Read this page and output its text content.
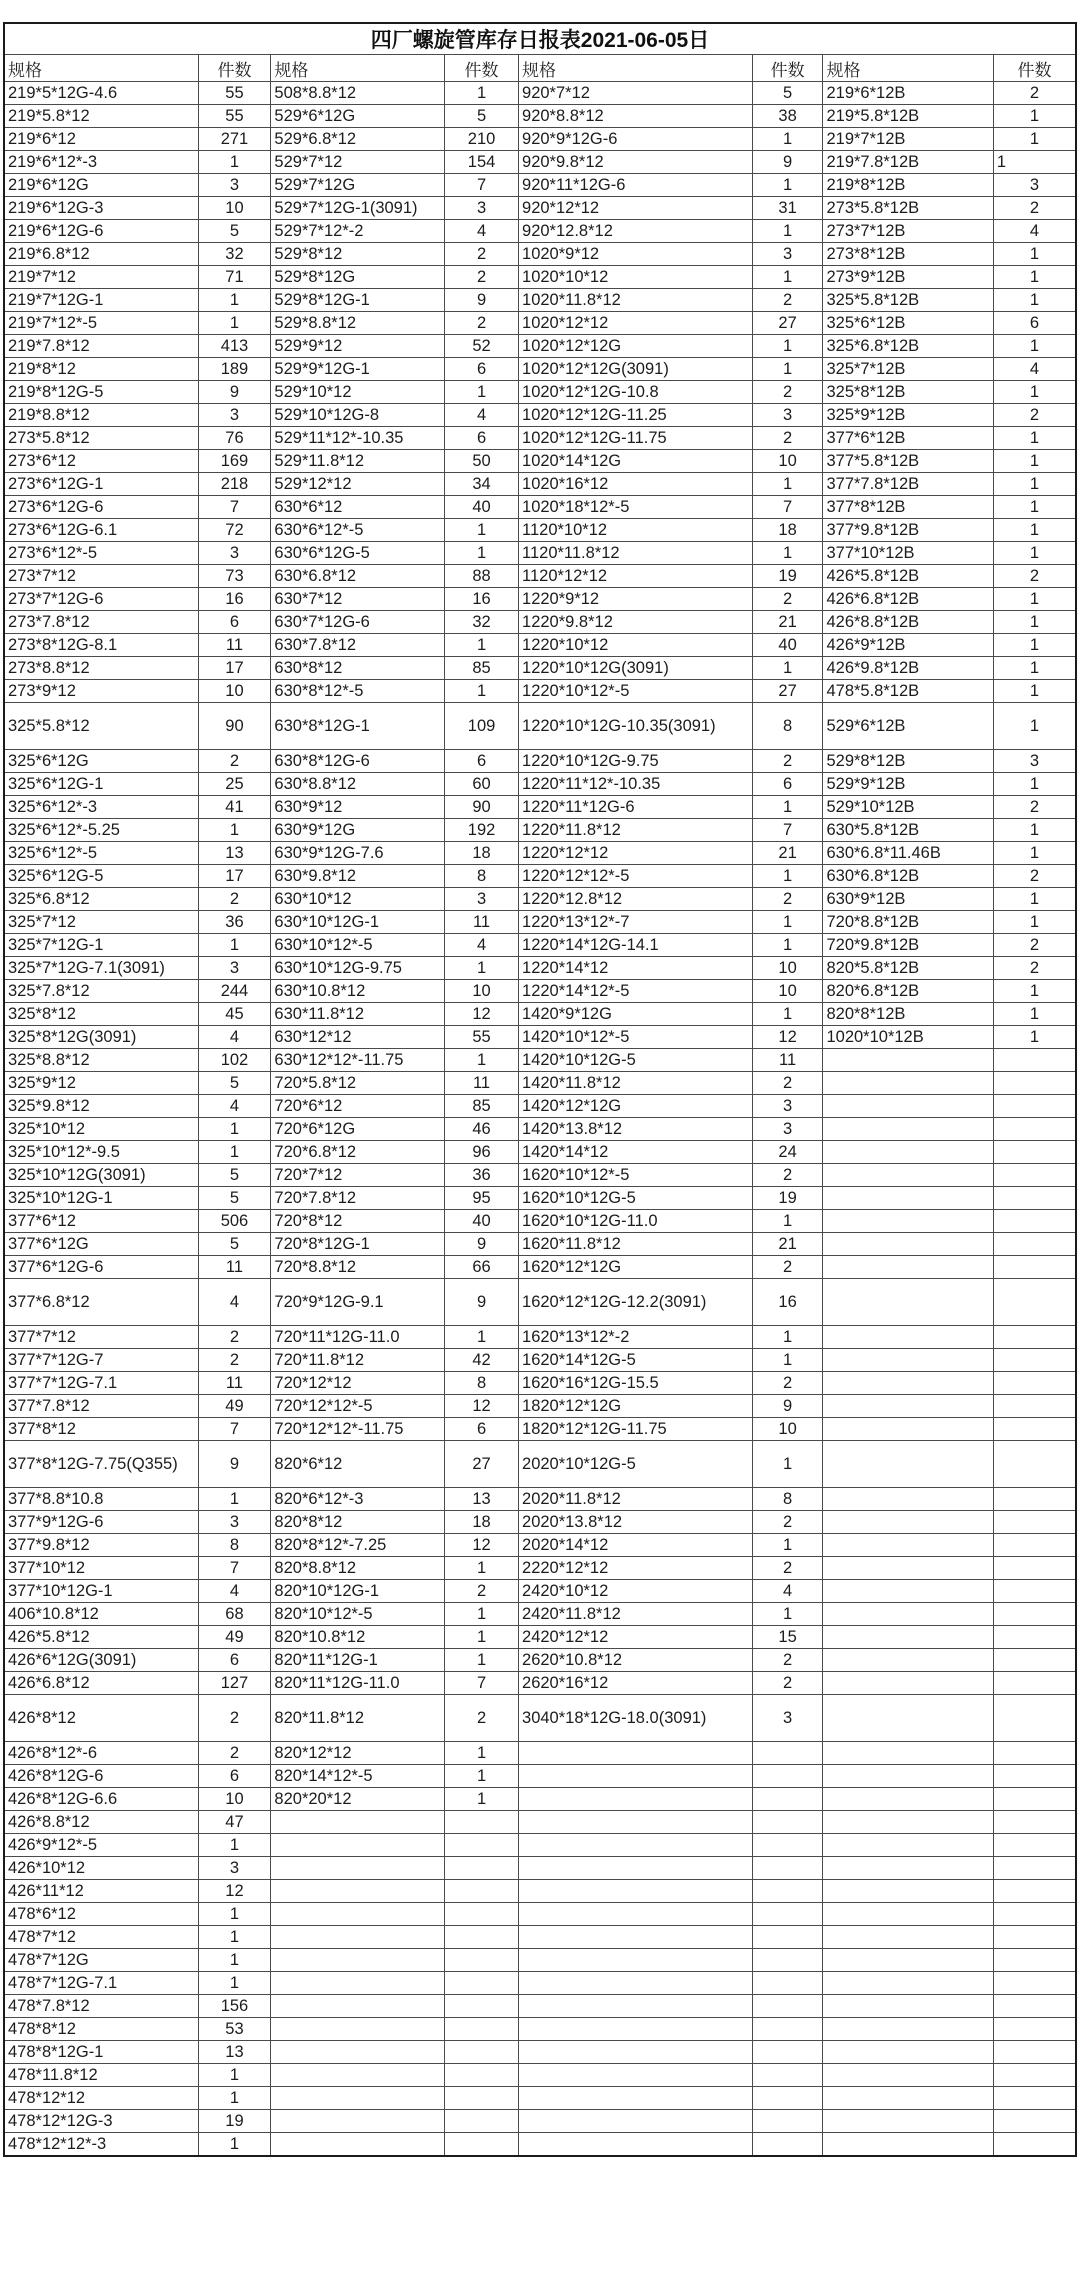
四厂螺旋管库存日报表2021-06-05日							
规格	件数	规格	件数	规格	件数	规格	件数
219*5*12G-4.6	55	508*8.8*12	1	920*7*12	5	219*6*12B	2
219*5.8*12	55	529*6*12G	5	920*8.8*12	38	219*5.8*12B	1
219*6*12	271	529*6.8*12	210	920*9*12G-6	1	219*7*12B	1
219*6*12*-3	1	529*7*12	154	920*9.8*12	9	219*7.8*12B	1
219*6*12G	3	529*7*12G	7	920*11*12G-6	1	219*8*12B	3
219*6*12G-3	10	529*7*12G-1(3091)	3	920*12*12	31	273*5.8*12B	2
219*6*12G-6	5	529*7*12*-2	4	920*12.8*12	1	273*7*12B	4
219*6.8*12	32	529*8*12	2	1020*9*12	3	273*8*12B	1
219*7*12	71	529*8*12G	2	1020*10*12	1	273*9*12B	1
219*7*12G-1	1	529*8*12G-1	9	1020*11.8*12	2	325*5.8*12B	1
219*7*12*-5	1	529*8.8*12	2	1020*12*12	27	325*6*12B	6
219*7.8*12	413	529*9*12	52	1020*12*12G	1	325*6.8*12B	1
219*8*12	189	529*9*12G-1	6	1020*12*12G(3091)	1	325*7*12B	4
219*8*12G-5	9	529*10*12	1	1020*12*12G-10.8	2	325*8*12B	1
219*8.8*12	3	529*10*12G-8	4	1020*12*12G-11.25	3	325*9*12B	2
273*5.8*12	76	529*11*12*-10.35	6	1020*12*12G-11.75	2	377*6*12B	1
273*6*12	169	529*11.8*12	50	1020*14*12G	10	377*5.8*12B	1
273*6*12G-1	218	529*12*12	34	1020*16*12	1	377*7.8*12B	1
273*6*12G-6	7	630*6*12	40	1020*18*12*-5	7	377*8*12B	1
273*6*12G-6.1	72	630*6*12*-5	1	1120*10*12	18	377*9.8*12B	1
273*6*12*-5	3	630*6*12G-5	1	1120*11.8*12	1	377*10*12B	1
273*7*12	73	630*6.8*12	88	1120*12*12	19	426*5.8*12B	2
273*7*12G-6	16	630*7*12	16	1220*9*12	2	426*6.8*12B	1
273*7.8*12	6	630*7*12G-6	32	1220*9.8*12	21	426*8.8*12B	1
273*8*12G-8.1	11	630*7.8*12	1	1220*10*12	40	426*9*12B	1
273*8.8*12	17	630*8*12	85	1220*10*12G(3091)	1	426*9.8*12B	1
273*9*12	10	630*8*12*-5	1	1220*10*12*-5	27	478*5.8*12B	1
325*5.8*12	90	630*8*12G-1	109	1220*10*12G-10.35(3091)	8	529*6*12B	1
325*6*12G	2	630*8*12G-6	6	1220*10*12G-9.75	2	529*8*12B	3
325*6*12G-1	25	630*8.8*12	60	1220*11*12*-10.35	6	529*9*12B	1
325*6*12*-3	41	630*9*12	90	1220*11*12G-6	1	529*10*12B	2
325*6*12*-5.25	1	630*9*12G	192	1220*11.8*12	7	630*5.8*12B	1
325*6*12*-5	13	630*9*12G-7.6	18	1220*12*12	21	630*6.8*11.46B	1
325*6*12G-5	17	630*9.8*12	8	1220*12*12*-5	1	630*6.8*12B	2
325*6.8*12	2	630*10*12	3	1220*12.8*12	2	630*9*12B	1
325*7*12	36	630*10*12G-1	11	1220*13*12*-7	1	720*8.8*12B	1
325*7*12G-1	1	630*10*12*-5	4	1220*14*12G-14.1	1	720*9.8*12B	2
325*7*12G-7.1(3091)	3	630*10*12G-9.75	1	1220*14*12	10	820*5.8*12B	2
325*7.8*12	244	630*10.8*12	10	1220*14*12*-5	10	820*6.8*12B	1
325*8*12	45	630*11.8*12	12	1420*9*12G	1	820*8*12B	1
325*8*12G(3091)	4	630*12*12	55	1420*10*12*-5	12	1020*10*12B	1
325*8.8*12	102	630*12*12*-11.75	1	1420*10*12G-5	11		
325*9*12	5	720*5.8*12	11	1420*11.8*12	2		
325*9.8*12	4	720*6*12	85	1420*12*12G	3		
325*10*12	1	720*6*12G	46	1420*13.8*12	3		
325*10*12*-9.5	1	720*6.8*12	96	1420*14*12	24		
325*10*12G(3091)	5	720*7*12	36	1620*10*12*-5	2		
325*10*12G-1	5	720*7.8*12	95	1620*10*12G-5	19		
377*6*12	506	720*8*12	40	1620*10*12G-11.0	1		
377*6*12G	5	720*8*12G-1	9	1620*11.8*12	21		
377*6*12G-6	11	720*8.8*12	66	1620*12*12G	2		
377*6.8*12	4	720*9*12G-9.1	9	1620*12*12G-12.2(3091)	16		
377*7*12	2	720*11*12G-11.0	1	1620*13*12*-2	1		
377*7*12G-7	2	720*11.8*12	42	1620*14*12G-5	1		
377*7*12G-7.1	11	720*12*12	8	1620*16*12G-15.5	2		
377*7.8*12	49	720*12*12*-5	12	1820*12*12G	9		
377*8*12	7	720*12*12*-11.75	6	1820*12*12G-11.75	10		
377*8*12G-7.75(Q355)	9	820*6*12	27	2020*10*12G-5	1		
377*8.8*10.8	1	820*6*12*-3	13	2020*11.8*12	8		
377*9*12G-6	3	820*8*12	18	2020*13.8*12	2		
377*9.8*12	8	820*8*12*-7.25	12	2020*14*12	1		
377*10*12	7	820*8.8*12	1	2220*12*12	2		
377*10*12G-1	4	820*10*12G-1	2	2420*10*12	4		
406*10.8*12	68	820*10*12*-5	1	2420*11.8*12	1		
426*5.8*12	49	820*10.8*12	1	2420*12*12	15		
426*6*12G(3091)	6	820*11*12G-1	1	2620*10.8*12	2		
426*6.8*12	127	820*11*12G-11.0	7	2620*16*12	2		
426*8*12	2	820*11.8*12	2	3040*18*12G-18.0(3091)	3		
426*8*12*-6	2	820*12*12	1				
426*8*12G-6	6	820*14*12*-5	1				
426*8*12G-6.6	10	820*20*12	1				
426*8.8*12	47						
426*9*12*-5	1						
426*10*12	3						
426*11*12	12						
478*6*12	1						
478*7*12	1						
478*7*12G	1						
478*7*12G-7.1	1						
478*7.8*12	156						
478*8*12	53						
478*8*12G-1	13						
478*11.8*12	1						
478*12*12	1						
478*12*12G-3	19						
478*12*12*-3	1						
